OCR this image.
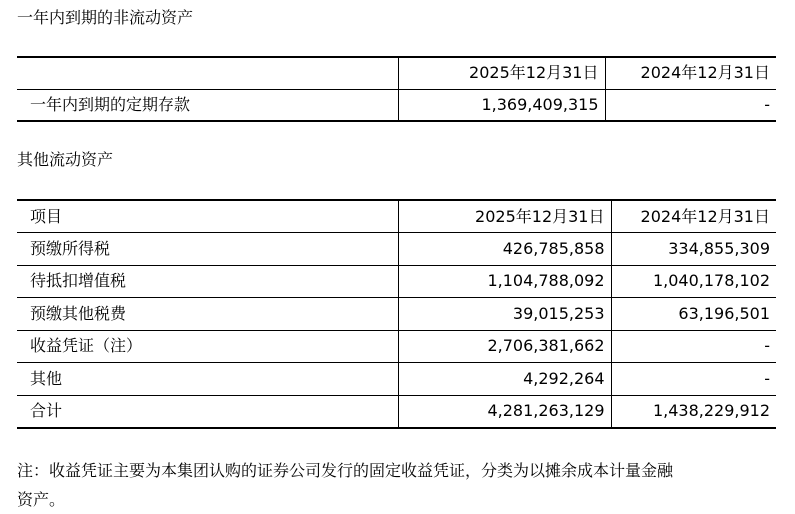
一年内到期的非流动资产
	2025年12月31日	2024年12月31日
一年内到期的定期存款	1,369,409,315	-
其他流动资产
项目	2025年12月31日	2024年12月31日
预缴所得税	426,785,858	334,855,309
待抵扣增值税	1,104,788,092	1,040,178,102
预缴其他税费	39,015,253	63,196,501
收益凭证（注）	2,706,381,662	-
其他	4,292,264	-
合计	4,281,263,129	1,438,229,912
注：收益凭证主要为本集团认购的证券公司发行的固定收益凭证，分类为以摊余成本计量金融
资产。
